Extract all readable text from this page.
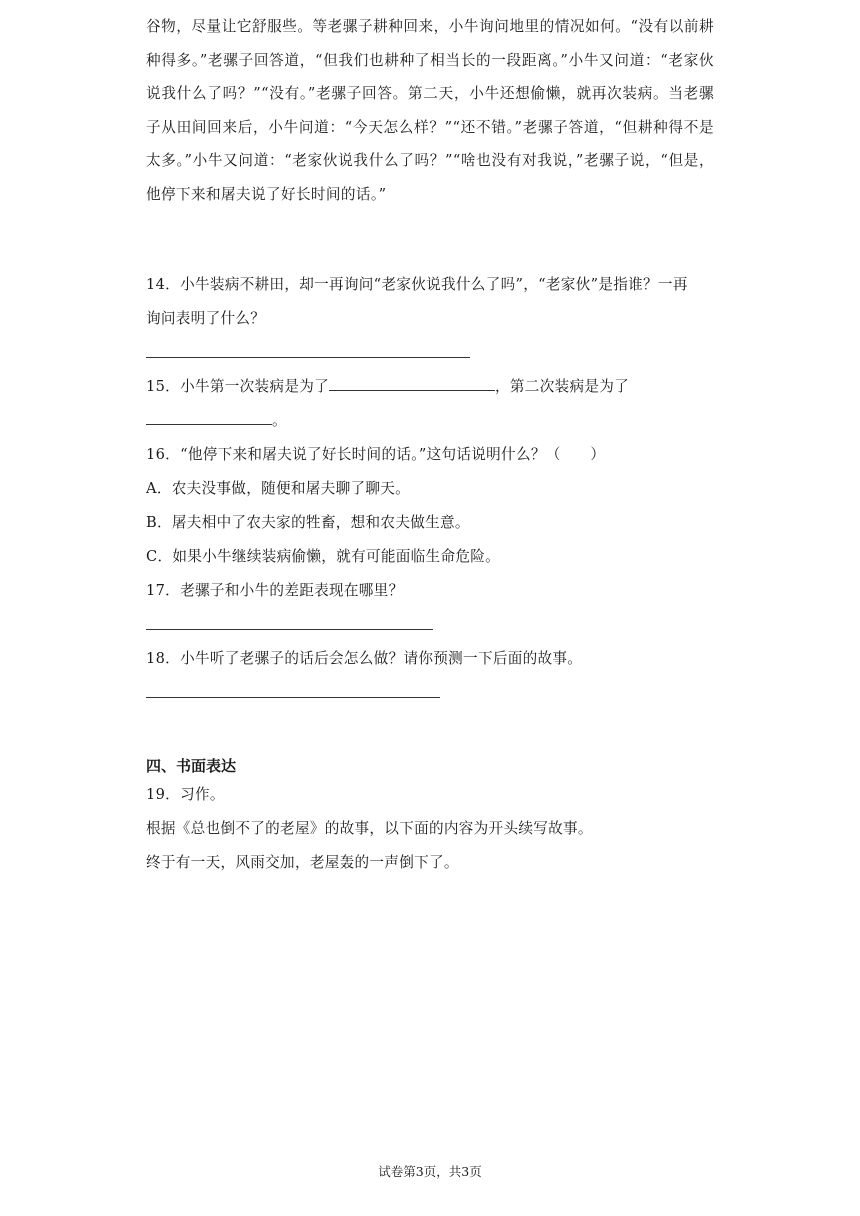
谷物，尽量让它舒服些。等老骡子耕种回来，小牛询问地里的情况如何。“没有以前耕种得多。”老骡子回答道，“但我们也耕种了相当长的一段距离。”小牛又问道：“老家伙说我什么了吗？”“没有。”老骡子回答。第二天，小牛还想偷懒，就再次装病。当老骡子从田间回来后，小牛问道：“今天怎么样？”“还不错。”老骡子答道，“但耕种得不是太多。”小牛又问道：“老家伙说我什么了吗？”“啥也没有对我说，”老骡子说，“但是，他停下来和屠夫说了好长时间的话。”

14．小牛装病不耕田，却一再询问“老家伙说我什么了吗”，“老家伙”是指谁？一再
询问表明了什么？
15．小牛第一次装病是为了	，第二次装病是为了
。
16．“他停下来和屠夫说了好长时间的话。”这句话说明什么？（　　）
A．农夫没事做，随便和屠夫聊了聊天。
B．屠夫相中了农夫家的牲畜，想和农夫做生意。
C．如果小牛继续装病偷懒，就有可能面临生命危险。
17．老骡子和小牛的差距表现在哪里？
18．小牛听了老骡子的话后会怎么做？请你预测一下后面的故事。
四、书面表达
19．习作。
根据《总也倒不了的老屋》的故事，以下面的内容为开头续写故事。
终于有一天，风雨交加，老屋轰的一声倒下了。
试卷第3页，共3页
